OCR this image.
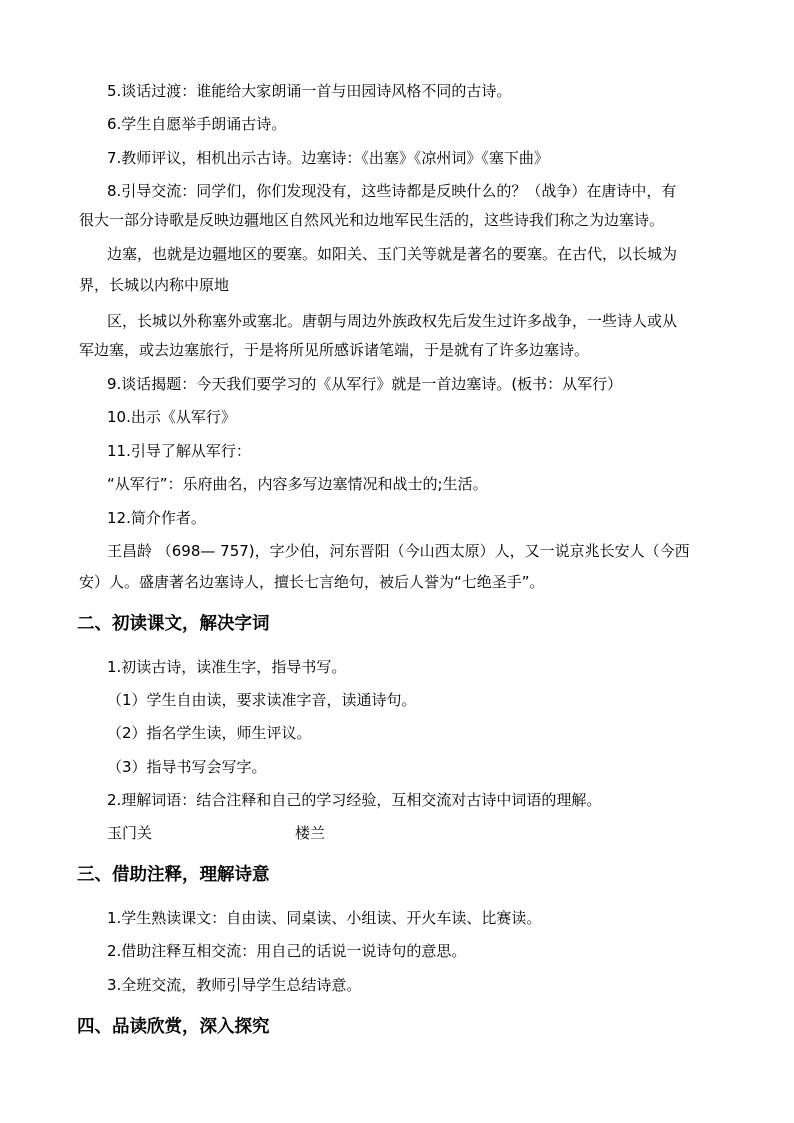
5.谈话过渡：谁能给大家朗诵一首与田园诗风格不同的古诗。
6.学生自愿举手朗诵古诗。
7.教师评议，相机出示古诗。边塞诗：《出塞》《凉州词》《塞下曲》
8.引导交流：同学们，你们发现没有，这些诗都是反映什么的？（战争）在唐诗中，有
很大一部分诗歌是反映边疆地区自然风光和边地军民生活的，这些诗我们称之为边塞诗。
边塞，也就是边疆地区的要塞。如阳关、玉门关等就是著名的要塞。在古代，以长城为
界，长城以内称中原地
区，长城以外称塞外或塞北。唐朝与周边外族政权先后发生过许多战争，一些诗人或从
军边塞，或去边塞旅行，于是将所见所感诉诸笔端，于是就有了许多边塞诗。
9.谈话揭题：今天我们要学习的《从军行》就是一首边塞诗。(板书：从军行）
10.出示《从军行》
11.引导了解从军行：
“从军行”：乐府曲名，内容多写边塞情况和战士的;生活。
12.简介作者。
王昌龄 （698— 757)，字少伯，河东晋阳（今山西太原）人，又一说京兆长安人（今西
安）人。盛唐著名边塞诗人，擅长七言绝句，被后人誉为“七绝圣手”。
二、初读课文，解决字词
1.初读古诗，读准生字，指导书写。
（1）学生自由读，要求读准字音，读通诗句。
（2）指名学生读，师生评议。
（3）指导书写会写字。
2.理解词语：结合注释和自己的学习经验，互相交流对古诗中词语的理解。
玉门关	楼兰
三、借助注释，理解诗意
1.学生熟读课文：自由读、同桌读、小组读、开火车读、比赛读。
2.借助注释互相交流：用自己的话说一说诗句的意思。
3.全班交流，教师引导学生总结诗意。
四、品读欣赏，深入探究
